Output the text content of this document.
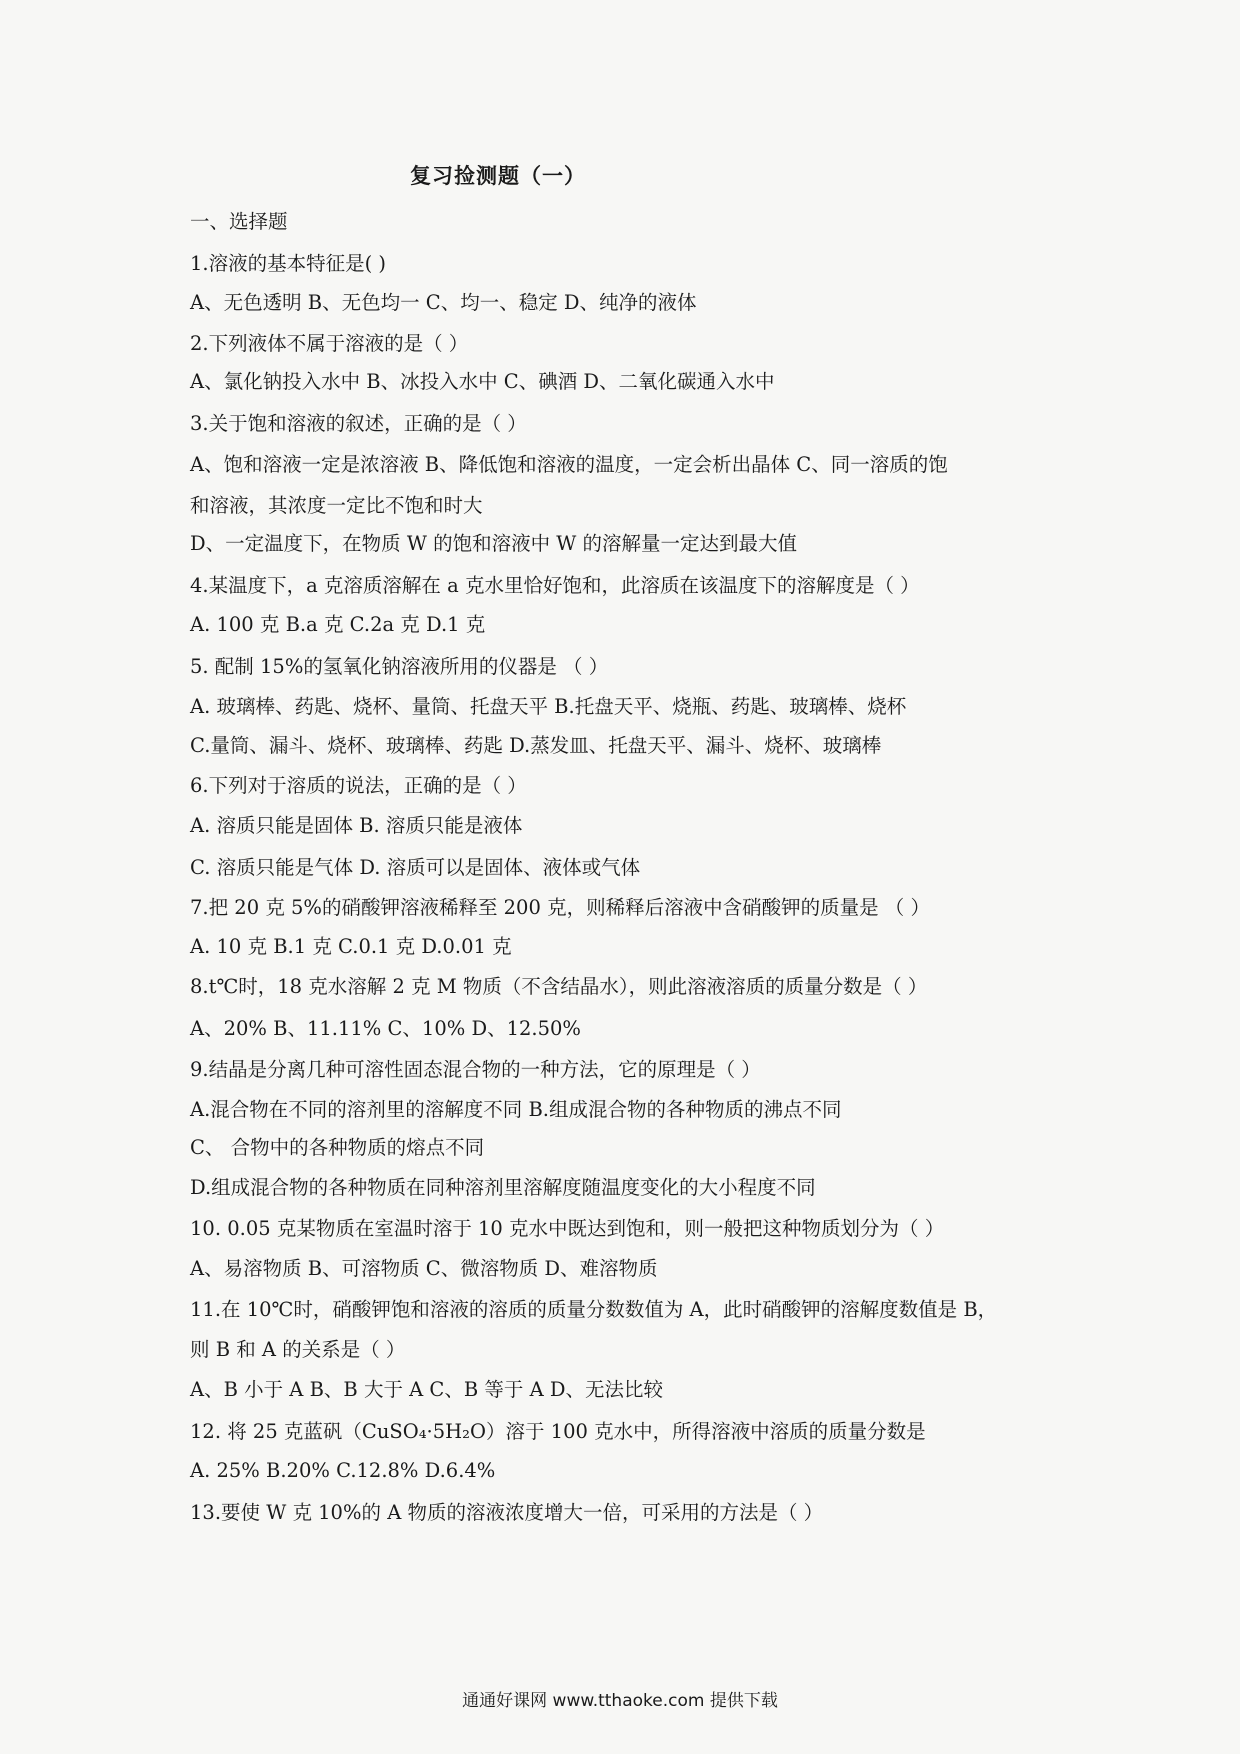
复习捡测题（一）
一、选择题
1.溶液的基本特征是( )
A、无色透明 B、无色均一 C、均一、稳定 D、纯净的液体
2.下列液体不属于溶液的是（ ）
A、氯化钠投入水中 B、冰投入水中 C、碘酒 D、二氧化碳通入水中
3.关于饱和溶液的叙述，正确的是（ ）
A、饱和溶液一定是浓溶液 B、降低饱和溶液的温度，一定会析出晶体 C、同一溶质的饱
和溶液，其浓度一定比不饱和时大
D、一定温度下，在物质 W 的饱和溶液中 W 的溶解量一定达到最大值
4.某温度下，a 克溶质溶解在 a 克水里恰好饱和，此溶质在该温度下的溶解度是（ ）
A. 100 克 B.a 克 C.2a 克 D.1 克
5. 配制 15%的氢氧化钠溶液所用的仪器是 （ ）
A. 玻璃棒、药匙、烧杯、量筒、托盘天平 B.托盘天平、烧瓶、药匙、玻璃棒、烧杯
C.量筒、漏斗、烧杯、玻璃棒、药匙 D.蒸发皿、托盘天平、漏斗、烧杯、玻璃棒
6.下列对于溶质的说法，正确的是（ ）
A. 溶质只能是固体 B. 溶质只能是液体
C. 溶质只能是气体 D. 溶质可以是固体、液体或气体
7.把 20 克 5%的硝酸钾溶液稀释至 200 克，则稀释后溶液中含硝酸钾的质量是 （ ）
A. 10 克 B.1 克 C.0.1 克 D.0.01 克
8.t℃时，18 克水溶解 2 克 M 物质（不含结晶水），则此溶液溶质的质量分数是（ ）
A、20% B、11.11% C、10% D、12.50%
9.结晶是分离几种可溶性固态混合物的一种方法，它的原理是（ ）
A.混合物在不同的溶剂里的溶解度不同 B.组成混合物的各种物质的沸点不同
C、 合物中的各种物质的熔点不同
D.组成混合物的各种物质在同种溶剂里溶解度随温度变化的大小程度不同
10. 0.05 克某物质在室温时溶于 10 克水中既达到饱和，则一般把这种物质划分为（ ）
A、易溶物质 B、可溶物质 C、微溶物质 D、难溶物质
11.在 10℃时，硝酸钾饱和溶液的溶质的质量分数数值为 A，此时硝酸钾的溶解度数值是 B，
则 B 和 A 的关系是（ ）
A、B 小于 A B、B 大于 A C、B 等于 A D、无法比较
12. 将 25 克蓝矾（CuSO₄·5H₂O）溶于 100 克水中，所得溶液中溶质的质量分数是
A. 25% B.20% C.12.8% D.6.4%
13.要使 W 克 10%的 A 物质的溶液浓度增大一倍，可采用的方法是（ ）
通通好课网 www.tthaoke.com 提供下载
